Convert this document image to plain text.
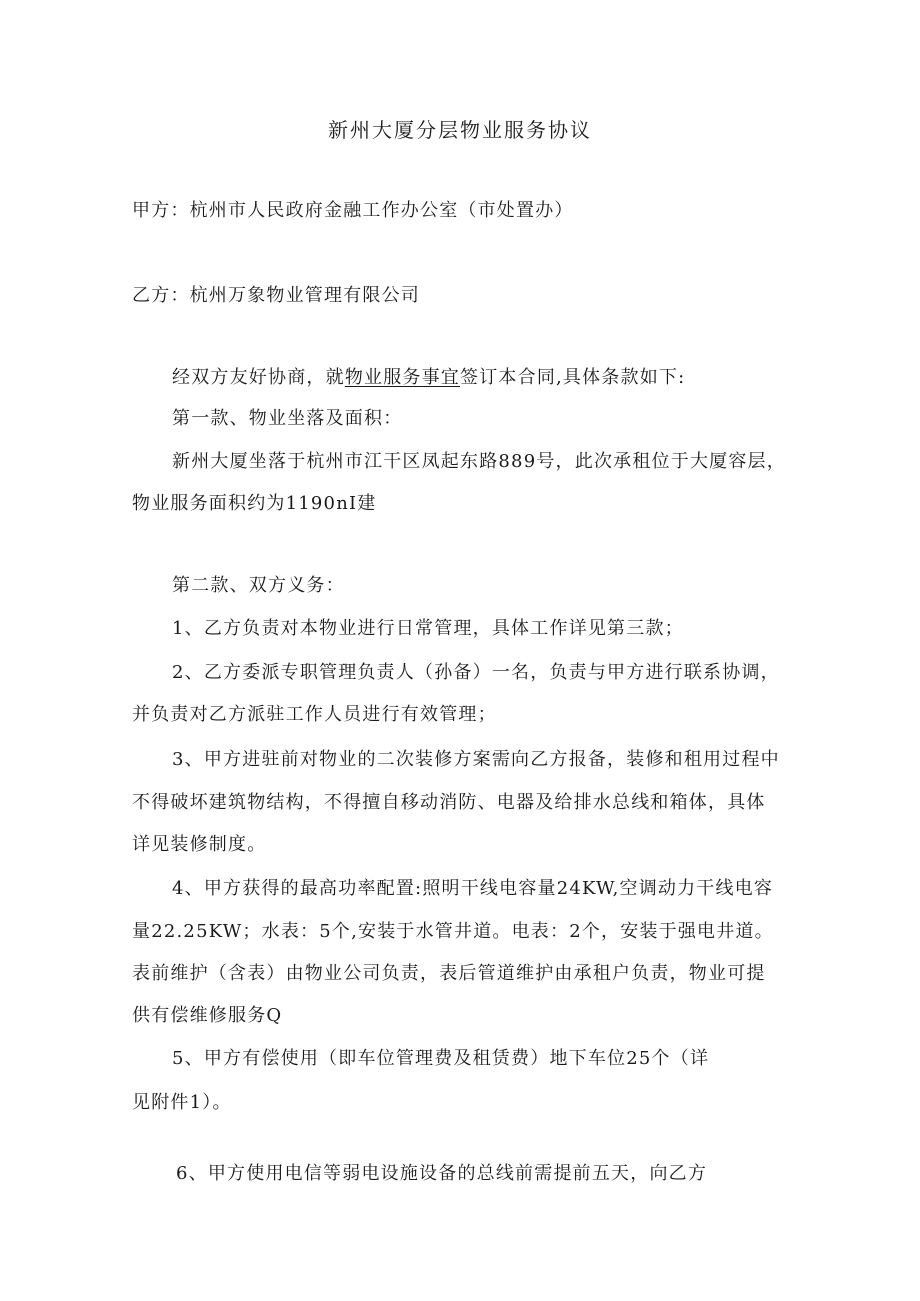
新州大厦分层物业服务协议
甲方：杭州市人民政府金融工作办公室（市处置办）
乙方：杭州万象物业管理有限公司
经双方友好协商，就物业服务事宜签订本合同,具体条款如下:
第一款、物业坐落及面积：
新州大厦坐落于杭州市江干区凤起东路889号，此次承租位于大厦容层，
物业服务面积约为1190nI建
第二款、双方义务：
1、乙方负责对本物业进行日常管理，具体工作详见第三款；
2、乙方委派专职管理负责人（孙备）一名，负责与甲方进行联系协调，
并负责对乙方派驻工作人员进行有效管理；
3、甲方进驻前对物业的二次装修方案需向乙方报备，装修和租用过程中
不得破坏建筑物结构，不得擅自移动消防、电器及给排水总线和箱体，具体
详见装修制度。
4、甲方获得的最高功率配置:照明干线电容量24KW,空调动力干线电容
量22.25KW；水表：5个,安装于水管井道。电表：2个，安装于强电井道。
表前维护（含表）由物业公司负责，表后管道维护由承租户负责，物业可提
供有偿维修服务Q
5、甲方有偿使用（即车位管理费及租赁费）地下车位25个（详
见附件1）。
6、甲方使用电信等弱电设施设备的总线前需提前五天，向乙方
